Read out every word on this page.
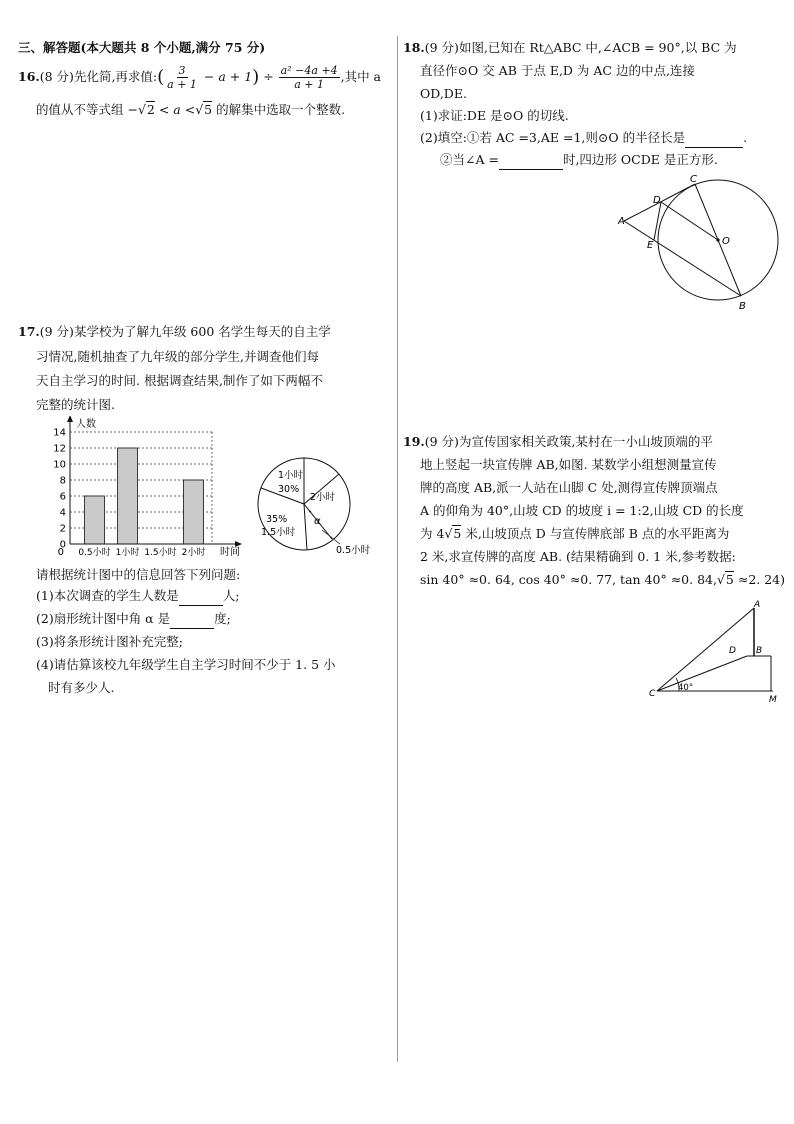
三、解答题(本大题共 8 个小题,满分 75 分)
16.(8 分)先化简,再求值:( $\frac{3}{a + 1} - a + 1) \div \frac{\text{a² −4a +4}}{a + 1}$ ,其中 a
的值从不等式组 −√2 < a <√5 的解集中选取一个整数.
17.(9 分)某学校为了解九年级 600 名学生每天的自主学
习情况,随机抽查了九年级的部分学生,并调查他们每
天自主学习的时间. 根据调查结果,制作了如下两幅不
完整的统计图.
0
2
4
6
8
10
12
14
0.5小时 1小时 1.5小时 2小时
0
人数
时间
1小时
30%
2小时
35%
1.5小时
α
0.5小时
请根据统计图中的信息回答下列问题:
(1)本次调查的学生人数是	人;
(2)扇形统计图中角 α 是	度;
(3)将条形统计图补充完整;
(4)请估算该校九年级学生自主学习时间不少于 1. 5 小
时有多少人.
18.(9 分)如图,已知在 Rt△ABC 中,∠ACB = 90°,以 BC 为
直径作⊙O 交 AB 于点 E,D 为 AC 边的中点,连接
OD,DE.
(1)求证:DE 是⊙O 的切线.
(2)填空:①若 AC =3,AE =1,则⊙O 的半径长是	.
②当∠A =	时,四边形 OCDE 是正方形.
A
B
C
D
E	O
19.(9 分)为宣传国家相关政策,某村在一小山坡顶端的平
地上竖起一块宣传牌 AB,如图. 某数学小组想测量宣传
牌的高度 AB,派一人站在山脚 C 处,测得宣传牌顶端点
A 的仰角为 40°,山坡 CD 的坡度 i = 1:2,山坡 CD 的长度
为 4√5 米,山坡顶点 D 与宣传牌底部 B 点的水平距离为
2 米,求宣传牌的高度 AB. (结果精确到 0. 1 米,参考数据:
sin 40° ≈0. 64, cos 40° ≈0. 77, tan 40° ≈0. 84,√5 ≈2. 24)
A
B
C
D
M
40°
